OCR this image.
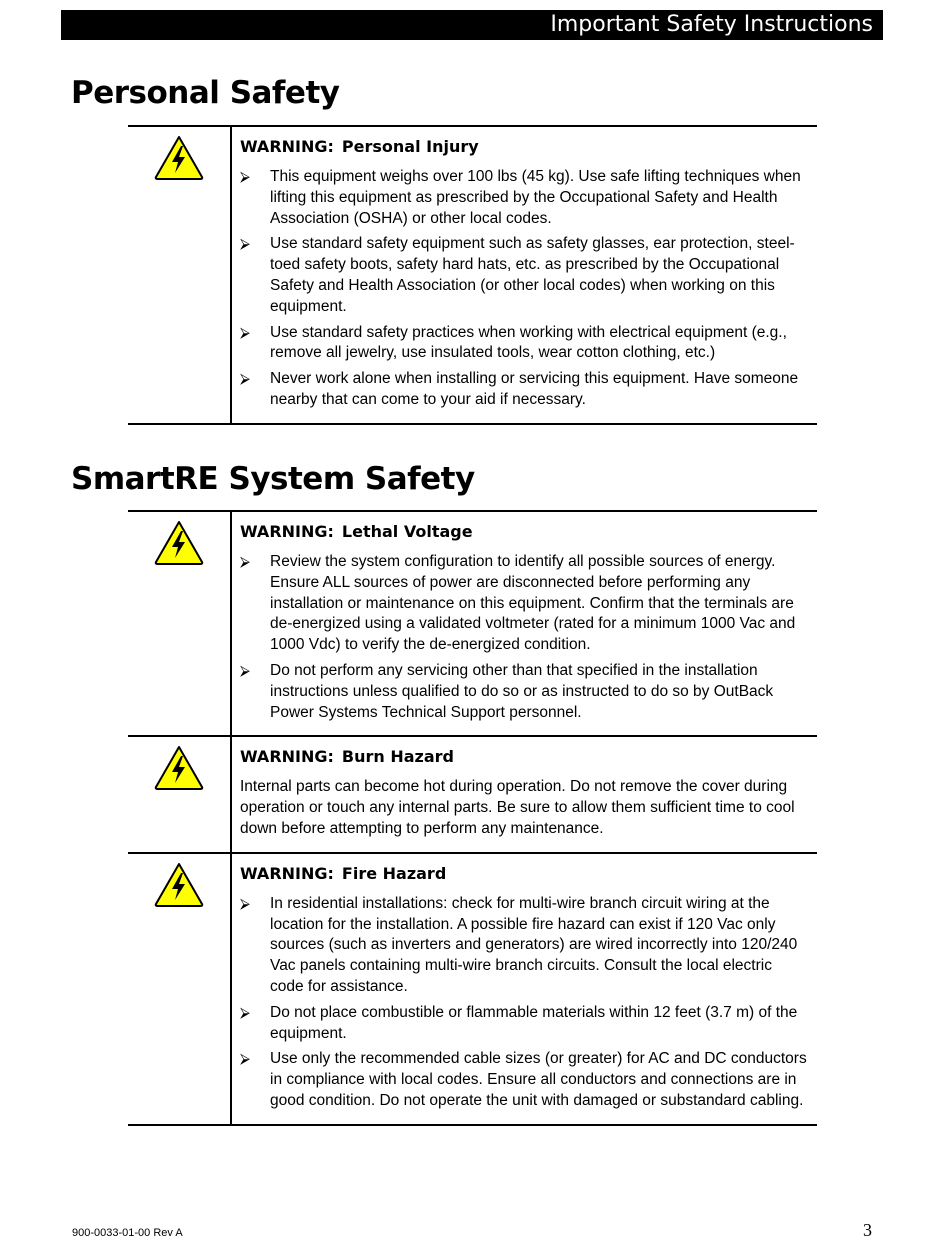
Important Safety Instructions
Personal Safety
WARNING: Personal Injury
⮚ This equipment weighs over 100 lbs (45 kg). Use safe lifting techniques when lifting this equipment as prescribed by the Occupational Safety and Health Association (OSHA) or other local codes.
⮚ Use standard safety equipment such as safety glasses, ear protection, steel-toed safety boots, safety hard hats, etc. as prescribed by the Occupational Safety and Health Association (or other local codes) when working on this equipment.
⮚ Use standard safety practices when working with electrical equipment (e.g., remove all jewelry, use insulated tools, wear cotton clothing, etc.)
⮚ Never work alone when installing or servicing this equipment. Have someone nearby that can come to your aid if necessary.
SmartRE System Safety
WARNING: Lethal Voltage
⮚ Review the system configuration to identify all possible sources of energy. Ensure ALL sources of power are disconnected before performing any installation or maintenance on this equipment. Confirm that the terminals are de-energized using a validated voltmeter (rated for a minimum 1000 Vac and 1000 Vdc) to verify the de-energized condition.
⮚ Do not perform any servicing other than that specified in the installation instructions unless qualified to do so or as instructed to do so by OutBack Power Systems Technical Support personnel.
WARNING: Burn Hazard

Internal parts can become hot during operation. Do not remove the cover during operation or touch any internal parts. Be sure to allow them sufficient time to cool down before attempting to perform any maintenance.

WARNING: Fire Hazard
⮚ In residential installations: check for multi-wire branch circuit wiring at the location for the installation. A possible fire hazard can exist if 120 Vac only sources (such as inverters and generators) are wired incorrectly into 120/240 Vac panels containing multi-wire branch circuits. Consult the local electric code for assistance.
⮚ Do not place combustible or flammable materials within 12 feet (3.7 m) of the equipment.
⮚ Use only the recommended cable sizes (or greater) for AC and DC conductors in compliance with local codes. Ensure all conductors and connections are in good condition. Do not operate the unit with damaged or substandard cabling.
900-0033-01-00 Rev A	3
